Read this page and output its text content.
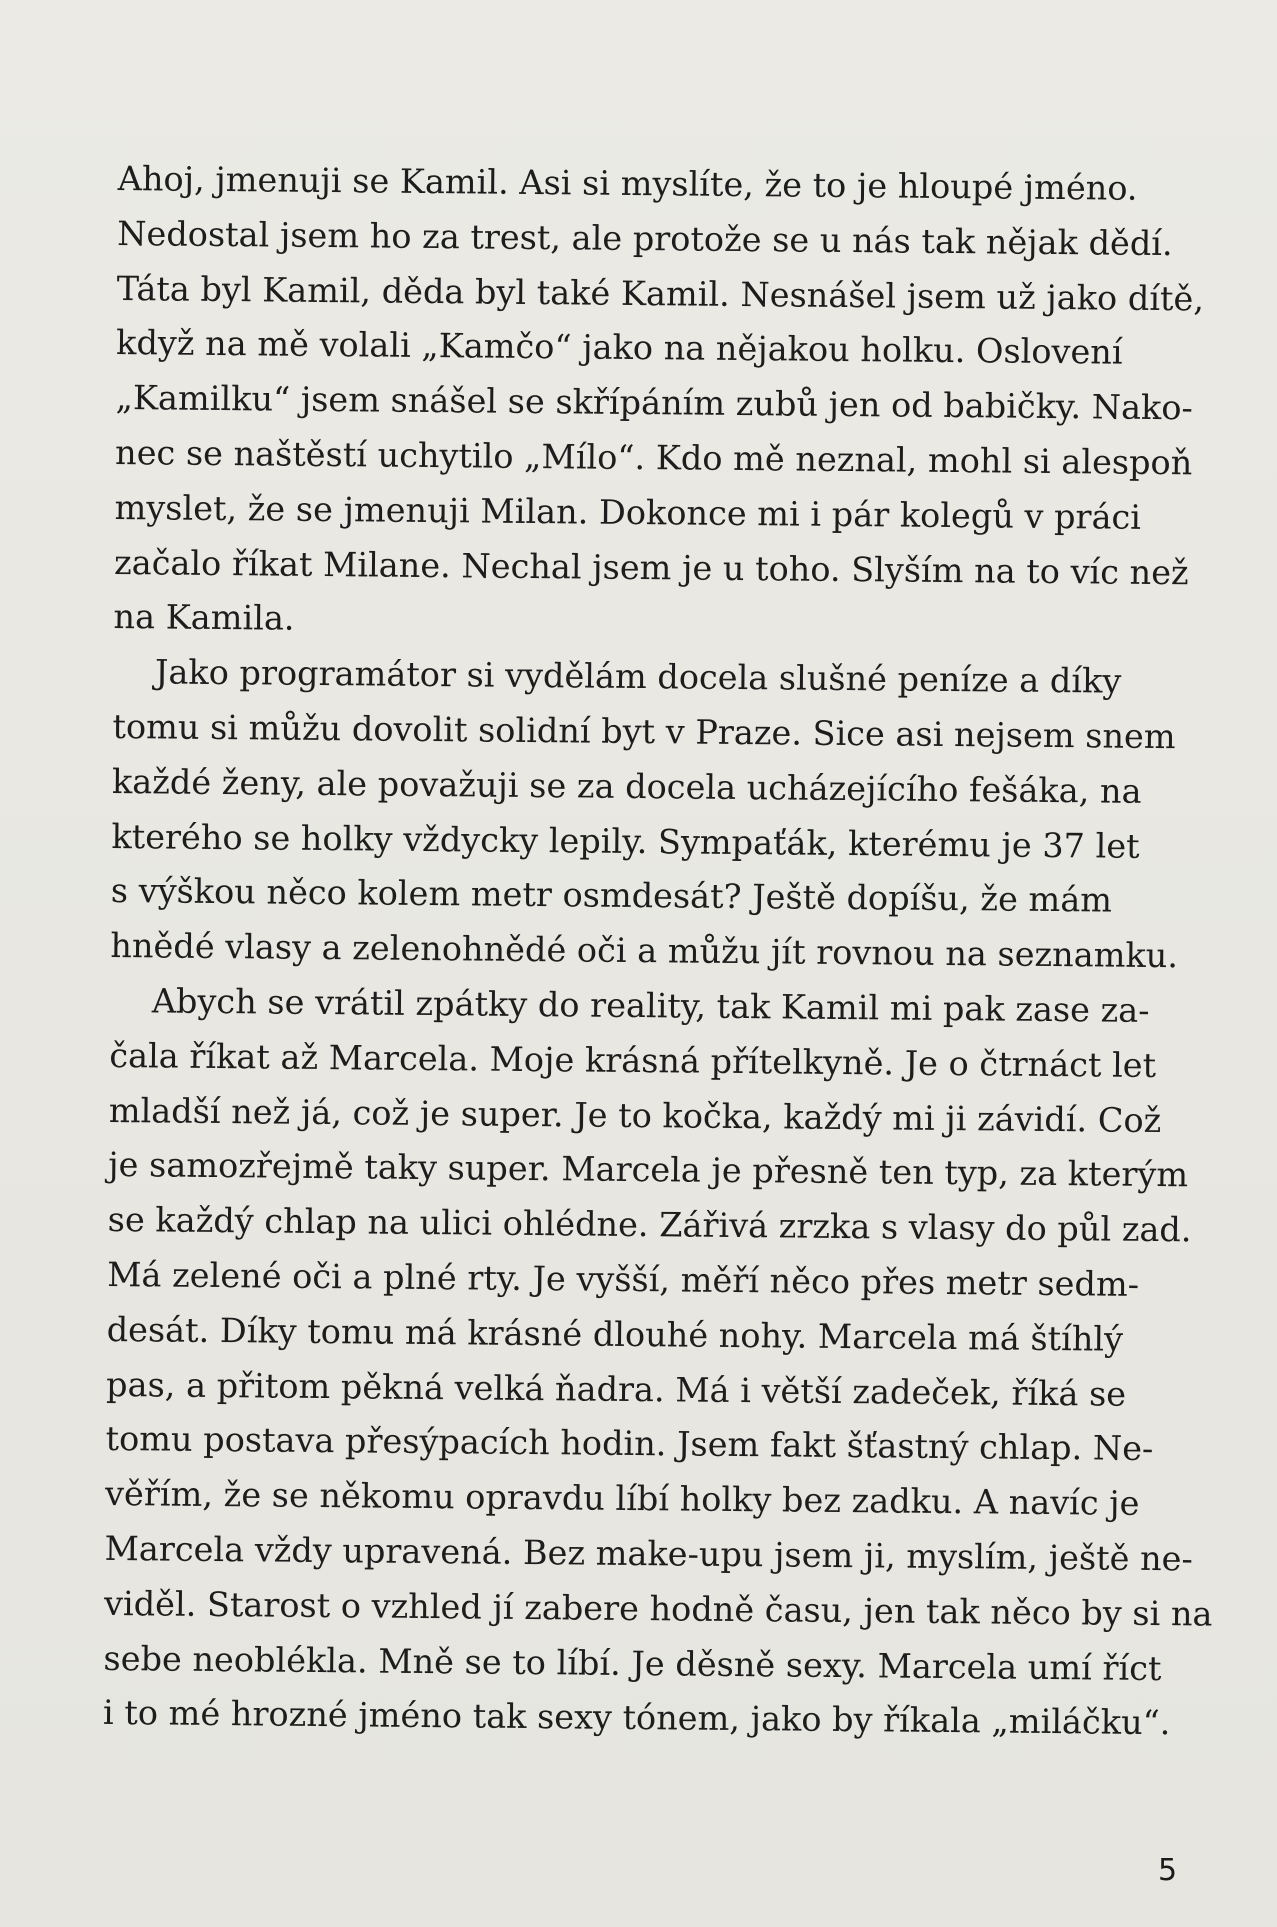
Ahoj, jmenuji se Kamil. Asi si myslíte, že to je hloupé jméno.
Nedostal jsem ho za trest, ale protože se u nás tak nějak dědí.
Táta byl Kamil, děda byl také Kamil. Nesnášel jsem už jako dítě,
když na mě volali „Kamčo“ jako na nějakou holku. Oslovení
„Kamilku“ jsem snášel se skřípáním zubů jen od babičky. Nako-
nec se naštěstí uchytilo „Mílo“. Kdo mě neznal, mohl si alespoň
myslet, že se jmenuji Milan. Dokonce mi i pár kolegů v práci
začalo říkat Milane. Nechal jsem je u toho. Slyším na to víc než
na Kamila.
Jako programátor si vydělám docela slušné peníze a díky
tomu si můžu dovolit solidní byt v Praze. Sice asi nejsem snem
každé ženy, ale považuji se za docela ucházejícího fešáka, na
kterého se holky vždycky lepily. Sympaťák, kterému je 37 let
s výškou něco kolem metr osmdesát? Ještě dopíšu, že mám
hnědé vlasy a zelenohnědé oči a můžu jít rovnou na seznamku.
Abych se vrátil zpátky do reality, tak Kamil mi pak zase za-
čala říkat až Marcela. Moje krásná přítelkyně. Je o čtrnáct let
mladší než já, což je super. Je to kočka, každý mi ji závidí. Což
je samozřejmě taky super. Marcela je přesně ten typ, za kterým
se každý chlap na ulici ohlédne. Zářivá zrzka s vlasy do půl zad.
Má zelené oči a plné rty. Je vyšší, měří něco přes metr sedm-
desát. Díky tomu má krásné dlouhé nohy. Marcela má štíhlý
pas, a přitom pěkná velká ňadra. Má i větší zadeček, říká se
tomu postava přesýpacích hodin. Jsem fakt šťastný chlap. Ne-
věřím, že se někomu opravdu líbí holky bez zadku. A navíc je
Marcela vždy upravená. Bez make-upu jsem ji, myslím, ještě ne-
viděl. Starost o vzhled jí zabere hodně času, jen tak něco by si na
sebe neoblékla. Mně se to líbí. Je děsně sexy. Marcela umí říct
i to mé hrozné jméno tak sexy tónem, jako by říkala „miláčku“.
5
